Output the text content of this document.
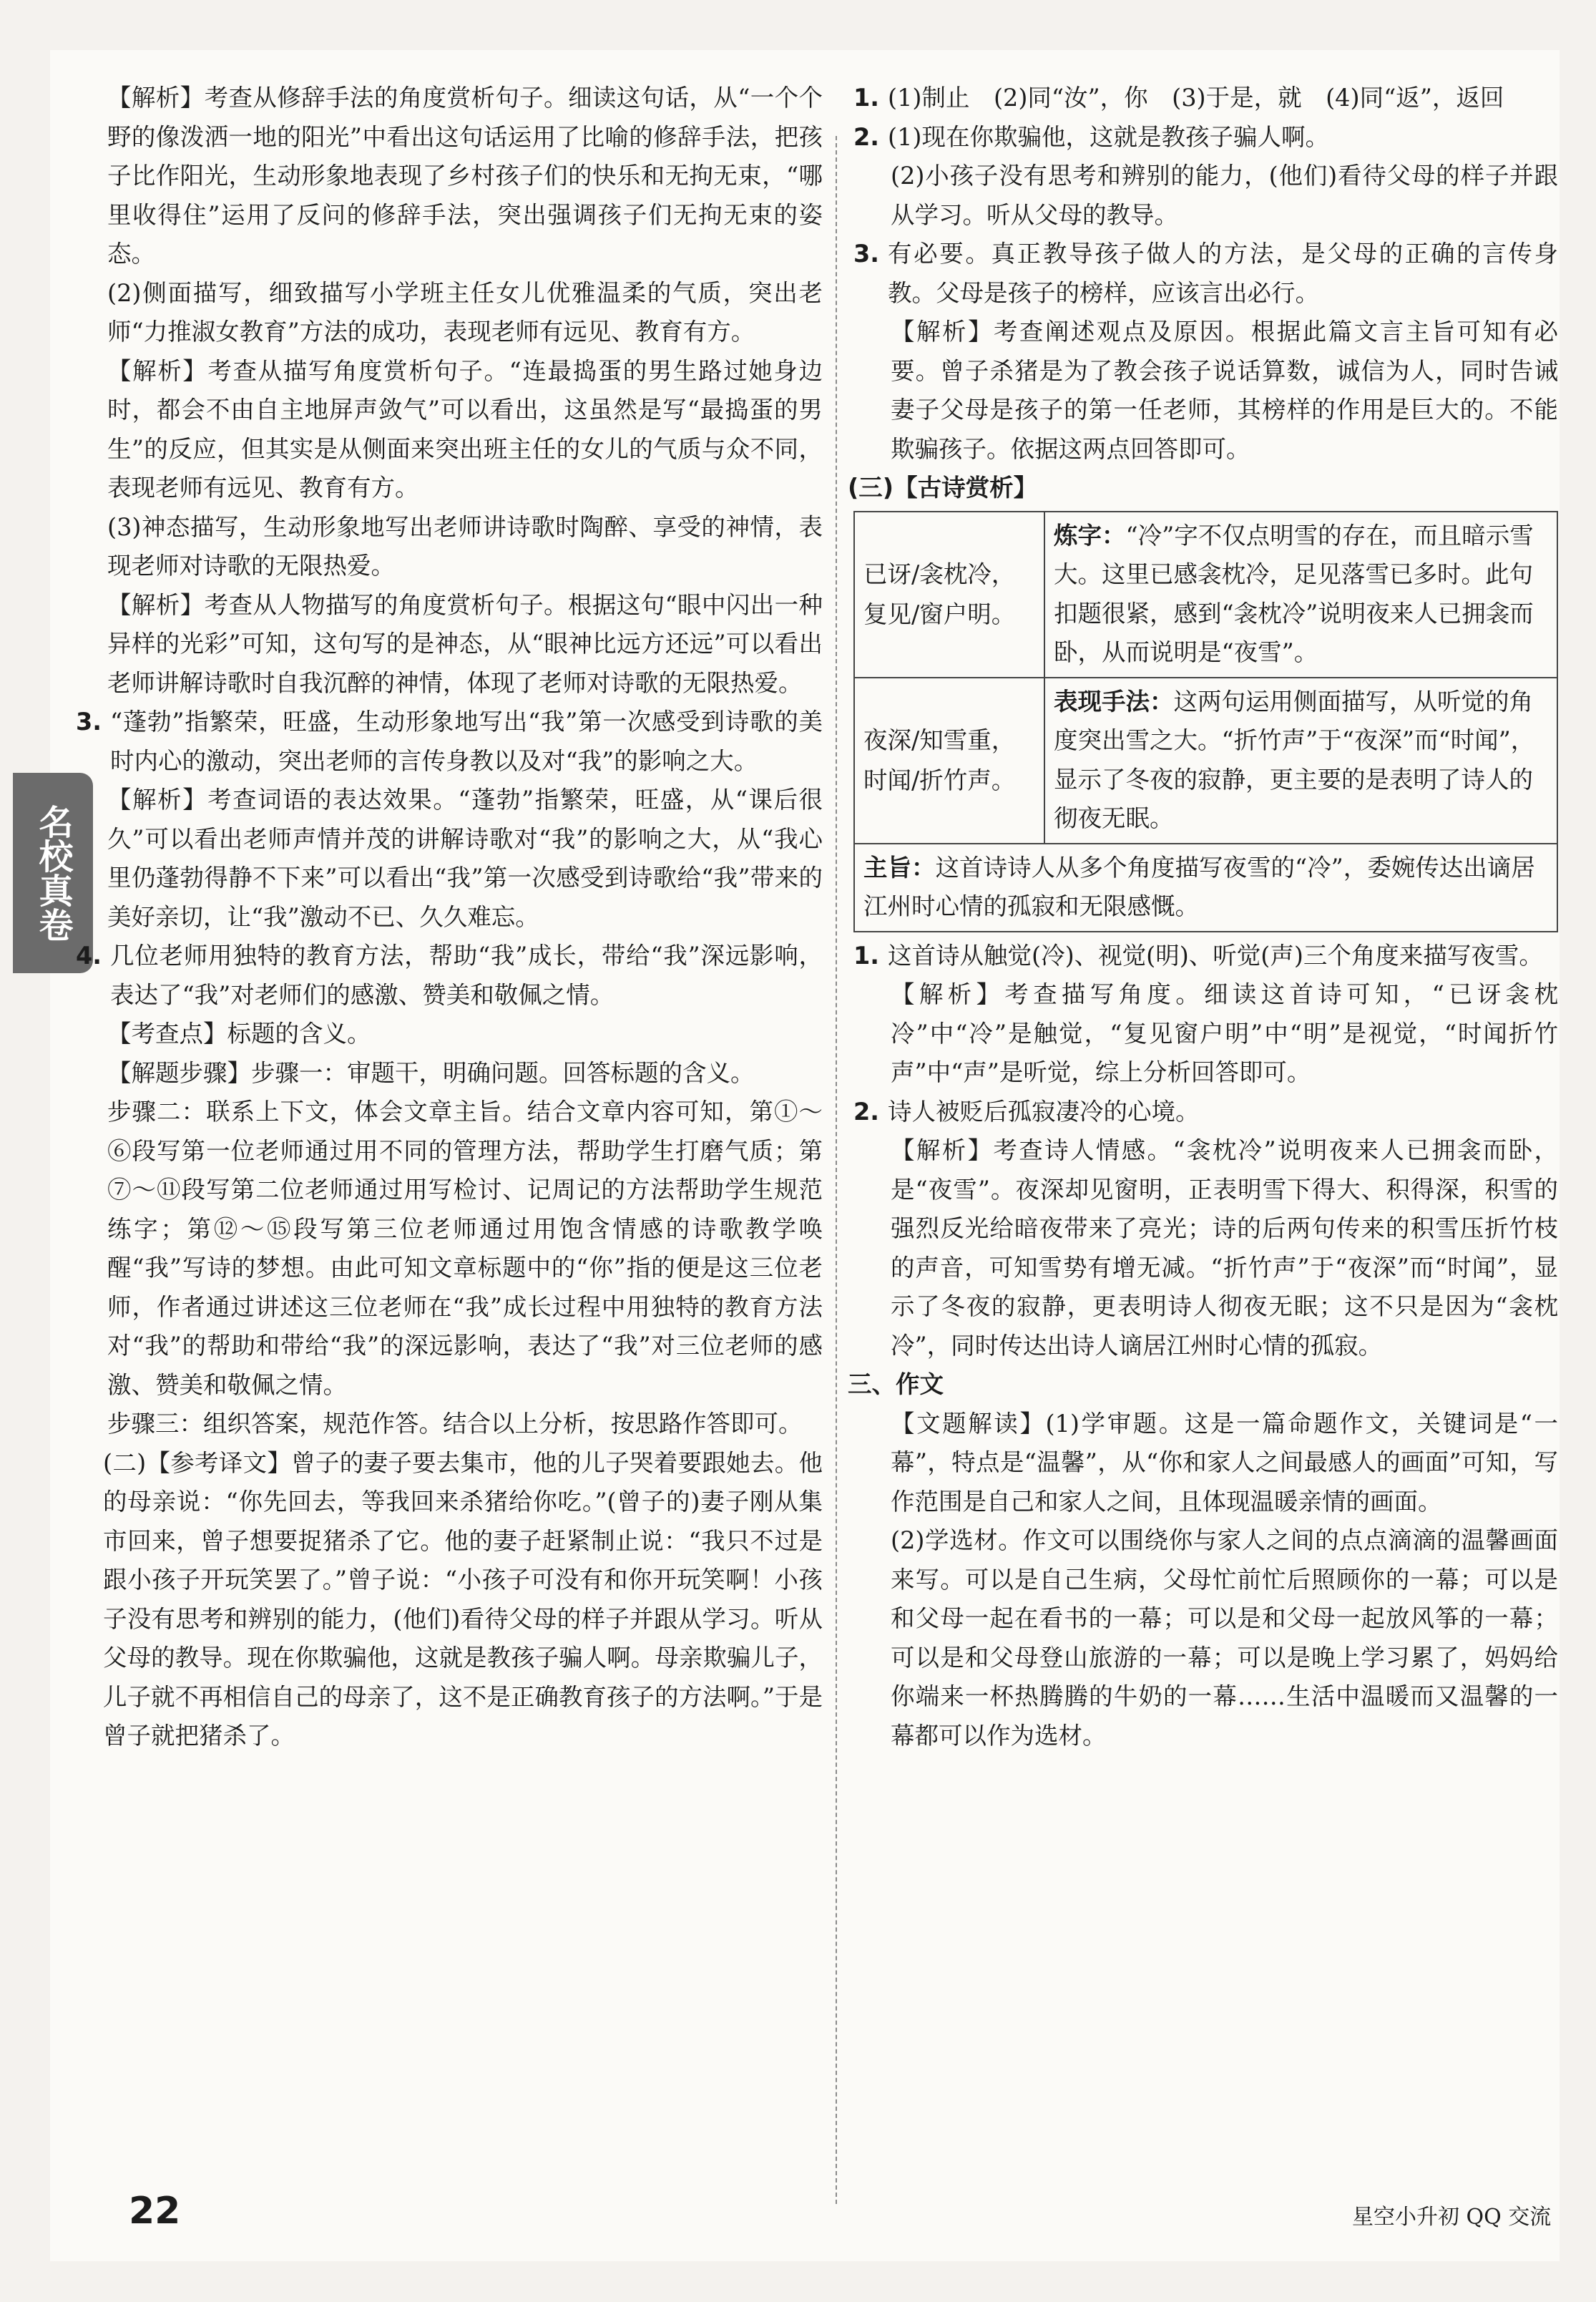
名校真卷

【解析】考查从修辞手法的角度赏析句子。细读这句话，从“一个个野的像泼洒一地的阳光”中看出这句话运用了比喻的修辞手法，把孩子比作阳光，生动形象地表现了乡村孩子们的快乐和无拘无束，“哪里收得住”运用了反问的修辞手法，突出强调孩子们无拘无束的姿态。

(2)侧面描写，细致描写小学班主任女儿优雅温柔的气质，突出老师“力推淑女教育”方法的成功，表现老师有远见、教育有方。

【解析】考查从描写角度赏析句子。“连最捣蛋的男生路过她身边时，都会不由自主地屏声敛气”可以看出，这虽然是写“最捣蛋的男生”的反应，但其实是从侧面来突出班主任的女儿的气质与众不同，表现老师有远见、教育有方。

(3)神态描写，生动形象地写出老师讲诗歌时陶醉、享受的神情，表现老师对诗歌的无限热爱。

【解析】考查从人物描写的角度赏析句子。根据这句“眼中闪出一种异样的光彩”可知，这句写的是神态，从“眼神比远方还远”可以看出老师讲解诗歌时自我沉醉的神情，体现了老师对诗歌的无限热爱。

3. “蓬勃”指繁荣，旺盛，生动形象地写出“我”第一次感受到诗歌的美时内心的激动，突出老师的言传身教以及对“我”的影响之大。

【解析】考查词语的表达效果。“蓬勃”指繁荣，旺盛，从“课后很久”可以看出老师声情并茂的讲解诗歌对“我”的影响之大，从“我心里仍蓬勃得静不下来”可以看出“我”第一次感受到诗歌给“我”带来的美好亲切，让“我”激动不已、久久难忘。

4. 几位老师用独特的教育方法，帮助“我”成长，带给“我”深远影响，表达了“我”对老师们的感激、赞美和敬佩之情。

【考查点】标题的含义。

【解题步骤】步骤一：审题干，明确问题。回答标题的含义。

步骤二：联系上下文，体会文章主旨。结合文章内容可知，第①～⑥段写第一位老师通过用不同的管理方法，帮助学生打磨气质；第⑦～⑪段写第二位老师通过用写检讨、记周记的方法帮助学生规范练字；第⑫～⑮段写第三位老师通过用饱含情感的诗歌教学唤醒“我”写诗的梦想。由此可知文章标题中的“你”指的便是这三位老师，作者通过讲述这三位老师在“我”成长过程中用独特的教育方法对“我”的帮助和带给“我”的深远影响，表达了“我”对三位老师的感激、赞美和敬佩之情。

步骤三：组织答案，规范作答。结合以上分析，按思路作答即可。

(二)【参考译文】曾子的妻子要去集市，他的儿子哭着要跟她去。他的母亲说：“你先回去，等我回来杀猪给你吃。”(曾子的)妻子刚从集市回来，曾子想要捉猪杀了它。他的妻子赶紧制止说：“我只不过是跟小孩子开玩笑罢了。”曾子说：“小孩子可没有和你开玩笑啊！小孩子没有思考和辨别的能力，(他们)看待父母的样子并跟从学习。听从父母的教导。现在你欺骗他，这就是教孩子骗人啊。母亲欺骗儿子，儿子就不再相信自己的母亲了，这不是正确教育孩子的方法啊。”于是曾子就把猪杀了。

1. (1)制止　(2)同“汝”，你　(3)于是，就　(4)同“返”，返回

2. (1)现在你欺骗他，这就是教孩子骗人啊。

(2)小孩子没有思考和辨别的能力，(他们)看待父母的样子并跟从学习。听从父母的教导。

3. 有必要。真正教导孩子做人的方法，是父母的正确的言传身教。父母是孩子的榜样，应该言出必行。

【解析】考查阐述观点及原因。根据此篇文言主旨可知有必要。曾子杀猪是为了教会孩子说话算数，诚信为人，同时告诫妻子父母是孩子的第一任老师，其榜样的作用是巨大的。不能欺骗孩子。依据这两点回答即可。

(三)【古诗赏析】

已讶/衾枕冷，复见/窗户明。	炼字：“冷”字不仅点明雪的存在，而且暗示雪大。这里已感衾枕冷，足见落雪已多时。此句扣题很紧，感到“衾枕冷”说明夜来人已拥衾而卧，从而说明是“夜雪”。
夜深/知雪重，时闻/折竹声。	表现手法：这两句运用侧面描写，从听觉的角度突出雪之大。“折竹声”于“夜深”而“时闻”，显示了冬夜的寂静，更主要的是表明了诗人的彻夜无眠。
主旨：这首诗诗人从多个角度描写夜雪的“冷”，委婉传达出谪居江州时心情的孤寂和无限感慨。	

1. 这首诗从触觉(冷)、视觉(明)、听觉(声)三个角度来描写夜雪。

【解析】考查描写角度。细读这首诗可知，“已讶衾枕冷”中“冷”是触觉，“复见窗户明”中“明”是视觉，“时闻折竹声”中“声”是听觉，综上分析回答即可。

2. 诗人被贬后孤寂凄冷的心境。

【解析】考查诗人情感。“衾枕冷”说明夜来人已拥衾而卧，是“夜雪”。夜深却见窗明，正表明雪下得大、积得深，积雪的强烈反光给暗夜带来了亮光；诗的后两句传来的积雪压折竹枝的声音，可知雪势有增无减。“折竹声”于“夜深”而“时闻”，显示了冬夜的寂静，更表明诗人彻夜无眠；这不只是因为“衾枕冷”，同时传达出诗人谪居江州时心情的孤寂。

三、作文

【文题解读】(1)学审题。这是一篇命题作文，关键词是“一幕”，特点是“温馨”，从“你和家人之间最感人的画面”可知，写作范围是自己和家人之间，且体现温暖亲情的画面。

(2)学选材。作文可以围绕你与家人之间的点点滴滴的温馨画面来写。可以是自己生病，父母忙前忙后照顾你的一幕；可以是和父母一起在看书的一幕；可以是和父母一起放风筝的一幕；可以是和父母登山旅游的一幕；可以是晚上学习累了，妈妈给你端来一杯热腾腾的牛奶的一幕……生活中温暖而又温馨的一幕都可以作为选材。

22	星空小升初 QQ 交流
